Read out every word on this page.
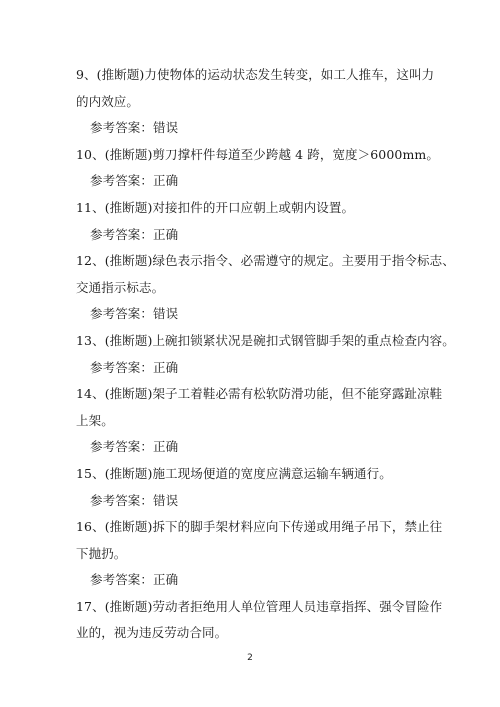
9、(推断题)力使物体的运动状态发生转变，如工人推车，这叫力
的内效应。
参考答案：错误
10、(推断题)剪刀撑杆件每道至少跨越 4 跨，宽度＞6000mm。
参考答案：正确
11、(推断题)对接扣件的开口应朝上或朝内设置。
参考答案：正确
12、(推断题)绿色表示指令、必需遵守的规定。主要用于指令标志、
交通指示标志。
参考答案：错误
13、(推断题)上碗扣锁紧状况是碗扣式钢管脚手架的重点检查内容。
参考答案：正确
14、(推断题)架子工着鞋必需有松软防滑功能，但不能穿露趾凉鞋
上架。
参考答案：正确
15、(推断题)施工现场便道的宽度应满意运输车辆通行。
参考答案：错误
16、(推断题)拆下的脚手架材料应向下传递或用绳子吊下，禁止往
下抛扔。
参考答案：正确
17、(推断题)劳动者拒绝用人单位管理人员违章指挥、强令冒险作
业的，视为违反劳动合同。
2
